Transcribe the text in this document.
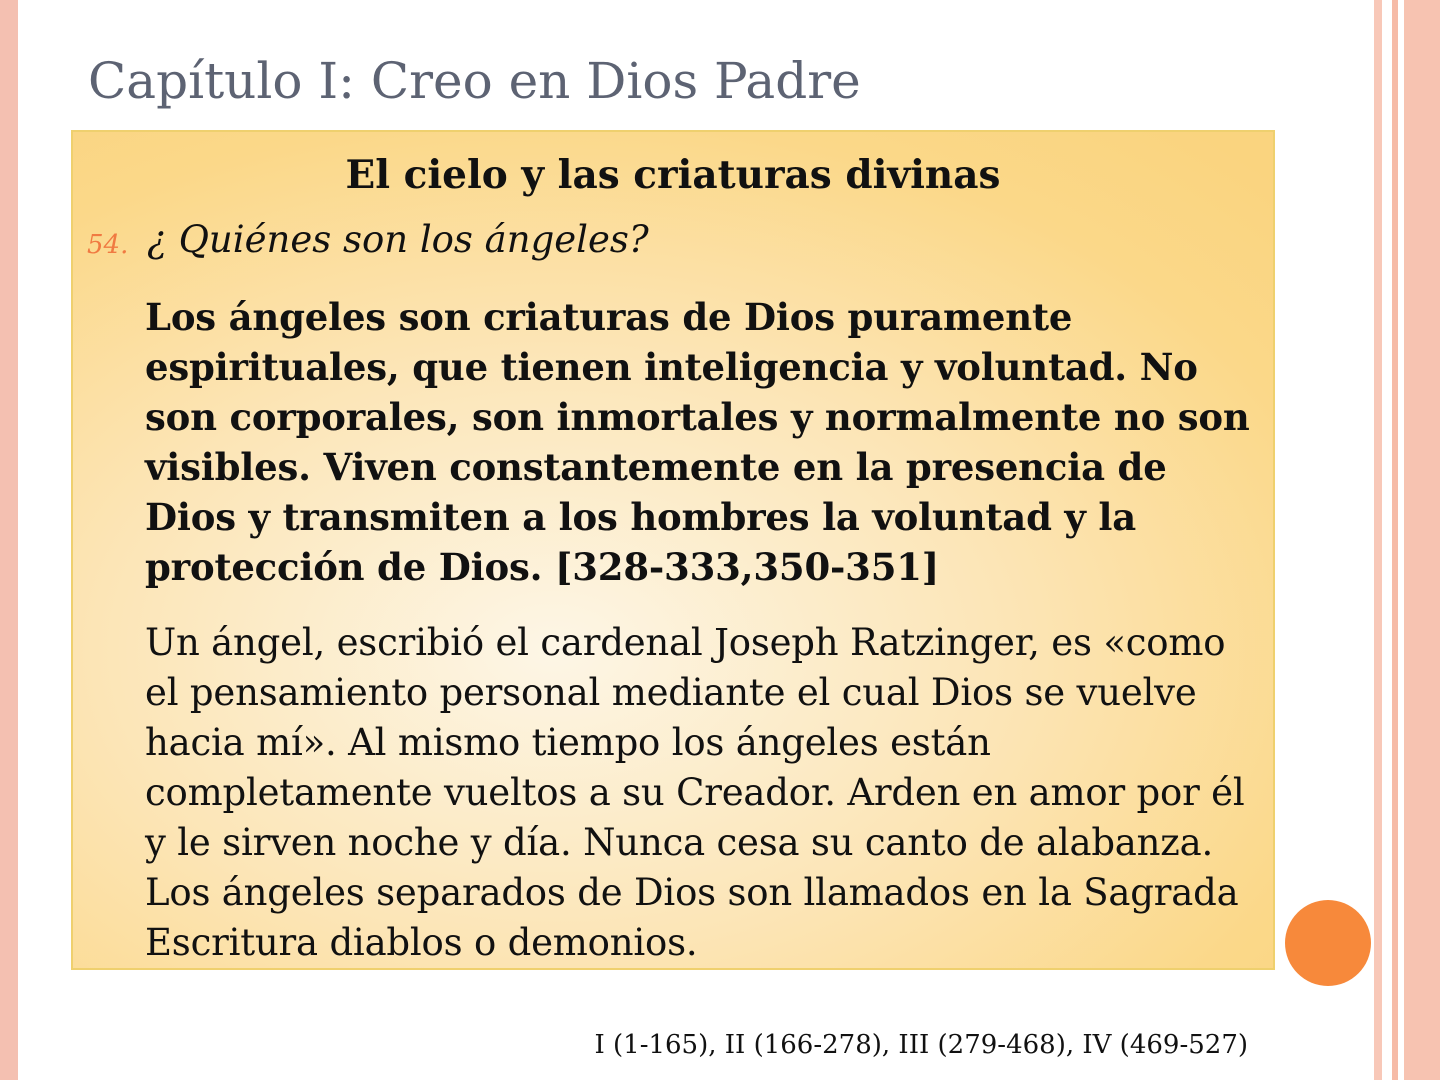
Capítulo I: Creo en Dios Padre
El cielo y las criaturas divinas
54. ¿ Quiénes son los ángeles?

Los ángeles son criaturas de Dios puramente espirituales, que tienen inteligencia y voluntad. No son corporales, son inmortales y normalmente no son visibles. Viven constantemente en la presencia de Dios y transmiten a los hombres la voluntad y la protección de Dios. [328-333,350-351]

Un ángel, escribió el cardenal Joseph Ratzinger, es «como el pensamiento personal mediante el cual Dios se vuelve hacia mí». Al mismo tiempo los ángeles están completamente vueltos a su Creador. Arden en amor por él y le sirven noche y día. Nunca cesa su canto de alabanza. Los ángeles separados de Dios son llamados en la Sagrada Escritura diablos o demonios.

I (1-165), II (166-278), III (279-468), IV (469-527)
